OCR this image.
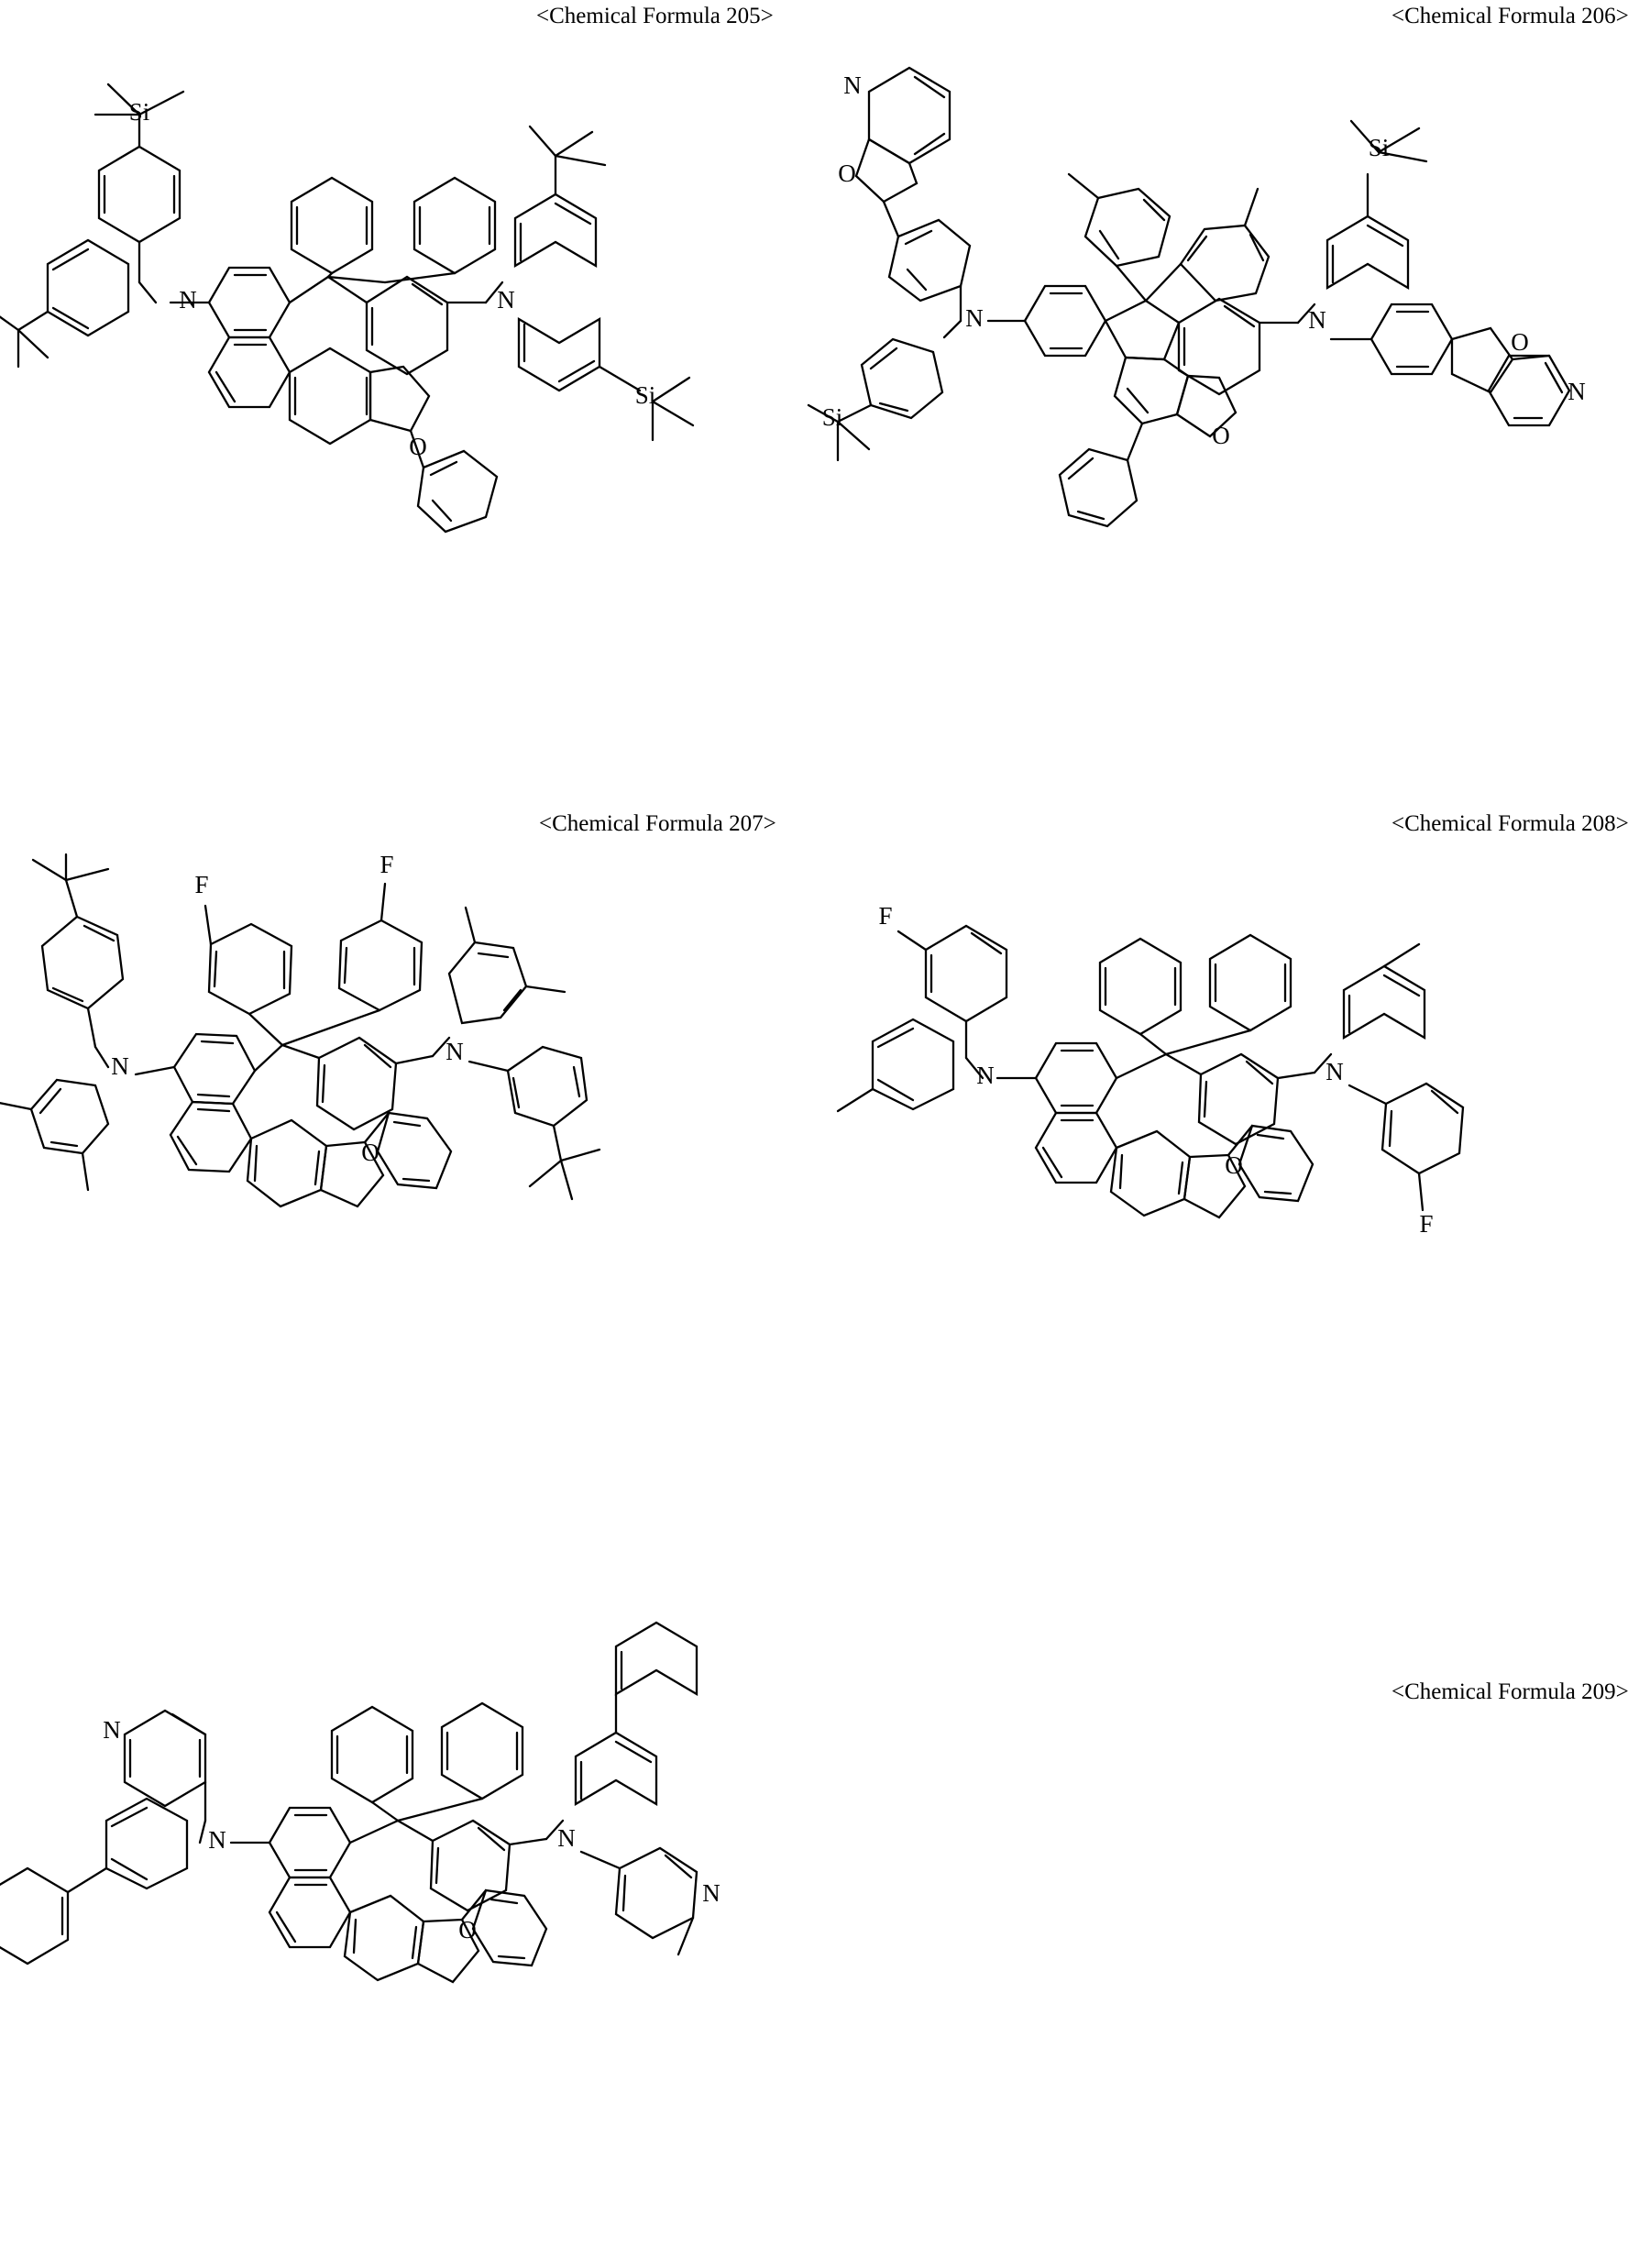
<Chemical Formula 205>	<Chemical Formula 206>
<Chemical Formula 207>	<Chemical Formula 208>
<Chemical Formula 209>
N	N
Si
Si
O
N	N
N
O
Si
Si
O
O
N
N
N
F
F
O
N	N
F
F
O
N
N	N
N
O
